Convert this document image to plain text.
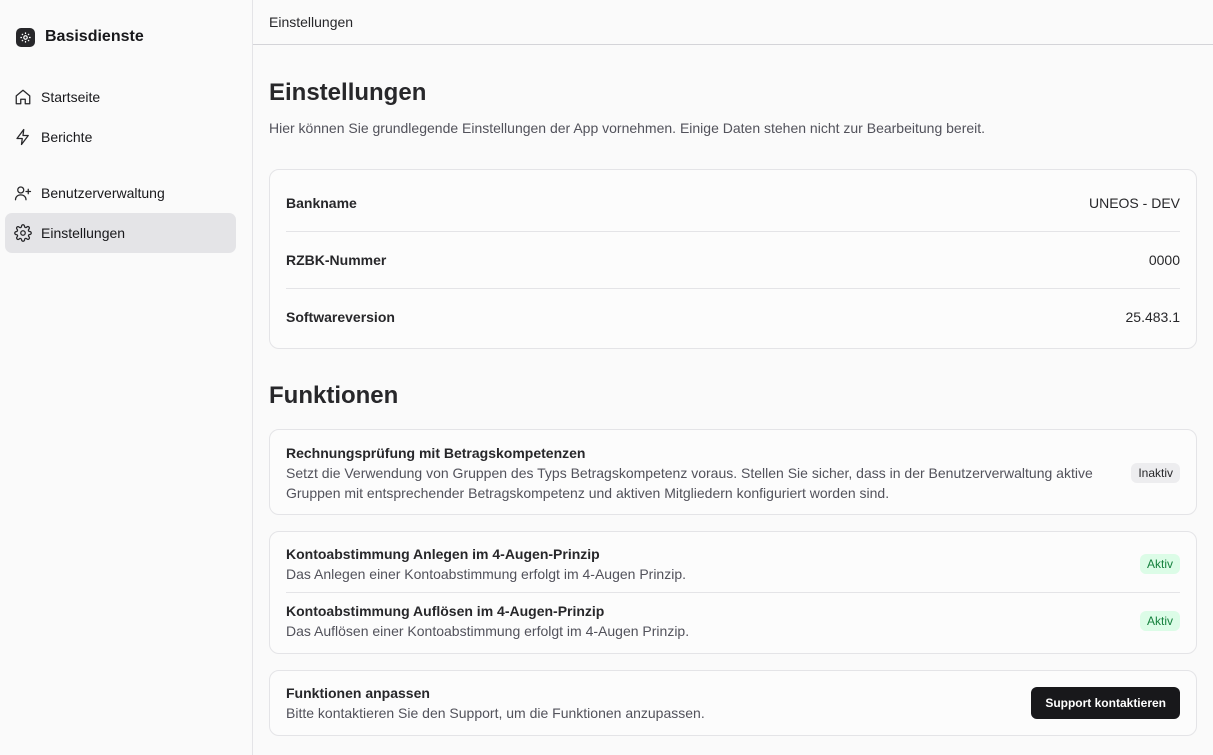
Basisdienste
Startseite
Berichte
Benutzerverwaltung
Einstellungen
Einstellungen
Einstellungen

Hier können Sie grundlegende Einstellungen der App vornehmen. Einige Daten stehen nicht zur Bearbeitung bereit.

Bankname	UNEOS - DEV
RZBK-Nummer	0000
Softwareversion	25.483.1
Funktionen
Rechnungsprüfung mit Betragskompetenzen
Setzt die Verwendung von Gruppen des Typs Betragskompetenz voraus. Stellen Sie sicher, dass in der Benutzerverwaltung aktive Gruppen mit entsprechender Betragskompetenz und aktiven Mitgliedern konfiguriert worden sind.
Inaktiv
Kontoabstimmung Anlegen im 4-Augen-Prinzip
Das Anlegen einer Kontoabstimmung erfolgt im 4-Augen Prinzip.
Aktiv
Kontoabstimmung Auflösen im 4-Augen-Prinzip
Das Auflösen einer Kontoabstimmung erfolgt im 4-Augen Prinzip.
Aktiv
Funktionen anpassen
Bitte kontaktieren Sie den Support, um die Funktionen anzupassen.
Support kontaktieren
